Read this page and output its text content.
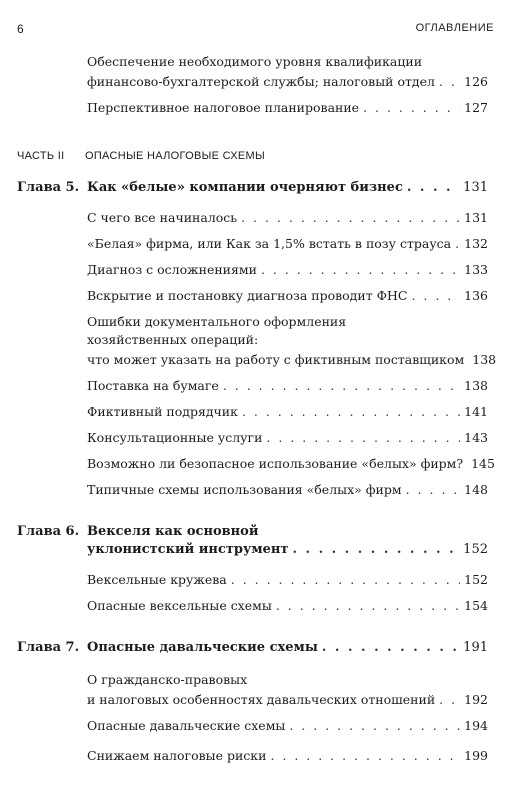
6	ОГЛАВЛЕНИЕ
Обеспечение необходимого уровня квалификации
финансово-бухгалтерской службы; налоговый отдел . . . 126
Перспективное налоговое планирование . . .	127
ЧАСТЬ II ОПАСНЫЕ НАЛОГОВЫЕ СХЕМЫ
Глава 5. Как «белые» компании очерняют бизнес . . .	131
С чего все начиналось . . .	131
«Белая» фирма, или Как за 1,5% встать в позу страуса . . . 132
Диагноз с осложнениями . . .	133
Вскрытие и постановку диагноза проводит ФНС . . .	136
Ошибки документального оформления
хозяйственных операций:
что может указать на работу с фиктивным поставщиком 138
Поставка на бумаге . . .	138
Фиктивный подрядчик . . .	141
Консультационные услуги . . .	143
Возможно ли безопасное использование «белых» фирм? 145
Типичные схемы использования «белых» фирм . . .	148
Глава 6. Векселя как основной
уклонистский инструмент . . .	152
Вексельные кружева . . .	152
Опасные вексельные схемы . . .	154
Глава 7. Опасные давальческие схемы . . .	191
О гражданско-правовых
и налоговых особенностях давальческих отношений . . . 192
Опасные давальческие схемы . . .	194
Снижаем налоговые риски . . .	199
